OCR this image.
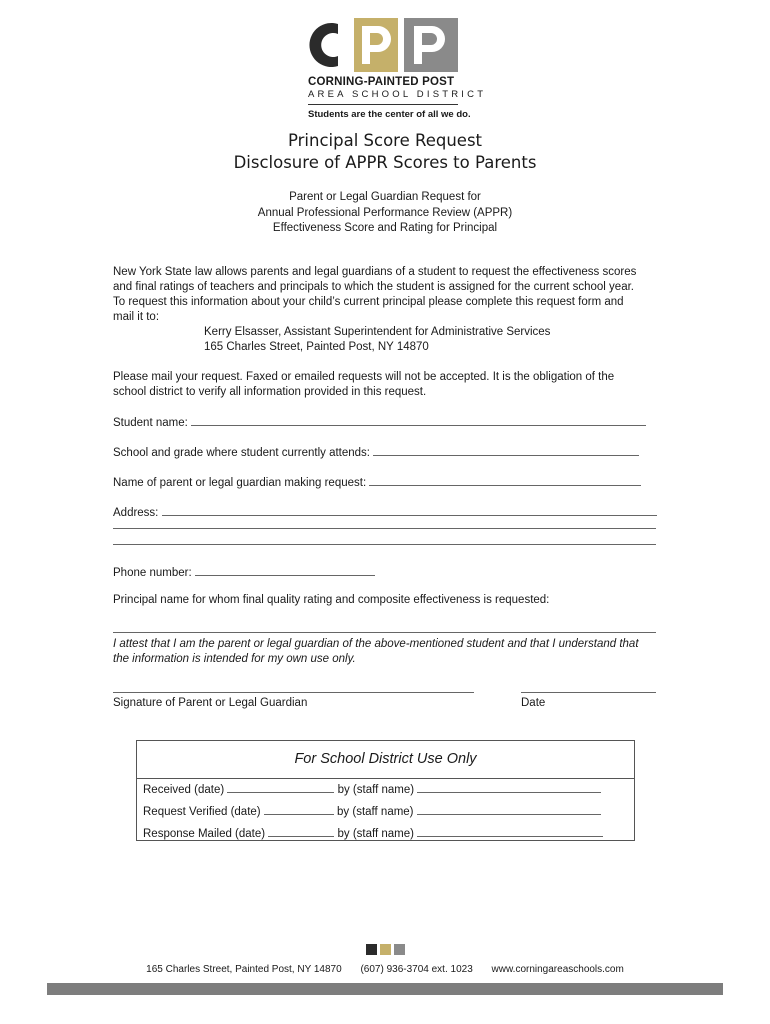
CORNING-PAINTED POST
AREA SCHOOL DISTRICT
Students are the center of all we do.
Principal Score Request
Disclosure of APPR Scores to Parents
Parent or Legal Guardian Request for
Annual Professional Performance Review (APPR)
Effectiveness Score and Rating for Principal
New York State law allows parents and legal guardians of a student to request the effectiveness scores
and final ratings of teachers and principals to which the student is assigned for the current school year.
To request this information about your child’s current principal please complete this request form and
mail it to:
Kerry Elsasser, Assistant Superintendent for Administrative Services
165 Charles Street, Painted Post, NY 14870
Please mail your request. Faxed or emailed requests will not be accepted. It is the obligation of the
school district to verify all information provided in this request.
Student name:
School and grade where student currently attends:
Name of parent or legal guardian making request:
Address:
Phone number:
Principal name for whom final quality rating and composite effectiveness is requested:
I attest that I am the parent or legal guardian of the above-mentioned student and that I understand that
the information is intended for my own use only.
Signature of Parent or Legal Guardian	Date
For School District Use Only
Received (date)	by (staff name)
Request Verified (date)	by (staff name)
Response Mailed (date)	by (staff name)
165 Charles Street, Painted Post, NY 14870 (607) 936-3704 ext. 1023 www.corningareaschools.com
